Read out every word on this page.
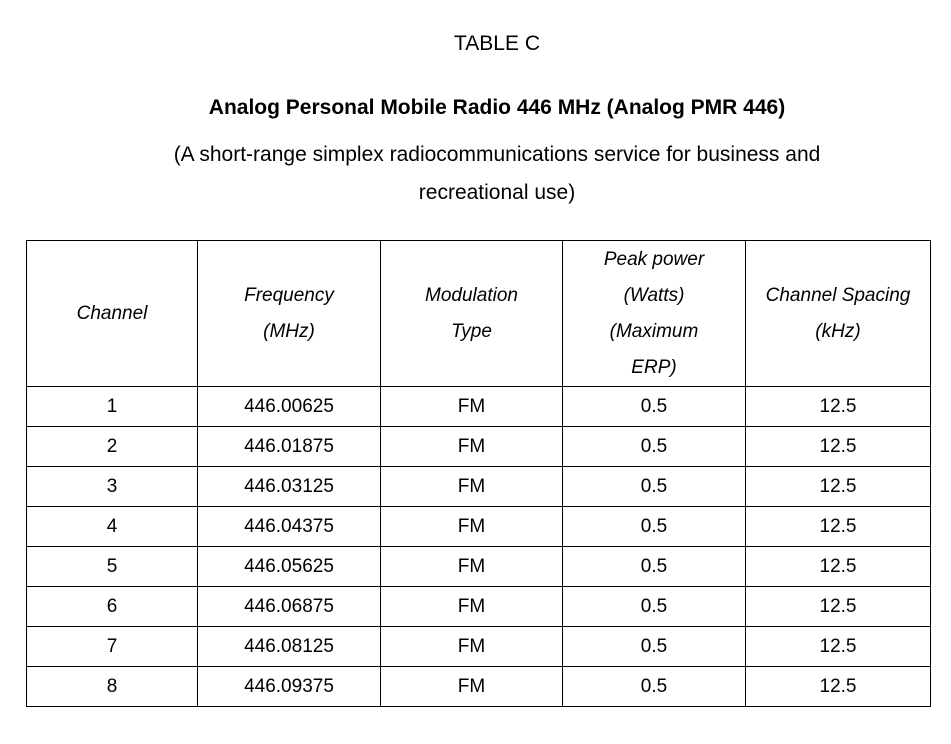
TABLE C
Analog Personal Mobile Radio 446 MHz (Analog PMR 446)
(A short-range simplex radiocommunications service for business and recreational use)
Channel	Frequency (MHz)	Modulation Type	Peak power (Watts) (Maximum ERP)	Channel Spacing (kHz)
1	446.00625	FM	0.5	12.5
2	446.01875	FM	0.5	12.5
3	446.03125	FM	0.5	12.5
4	446.04375	FM	0.5	12.5
5	446.05625	FM	0.5	12.5
6	446.06875	FM	0.5	12.5
7	446.08125	FM	0.5	12.5
8	446.09375	FM	0.5	12.5
